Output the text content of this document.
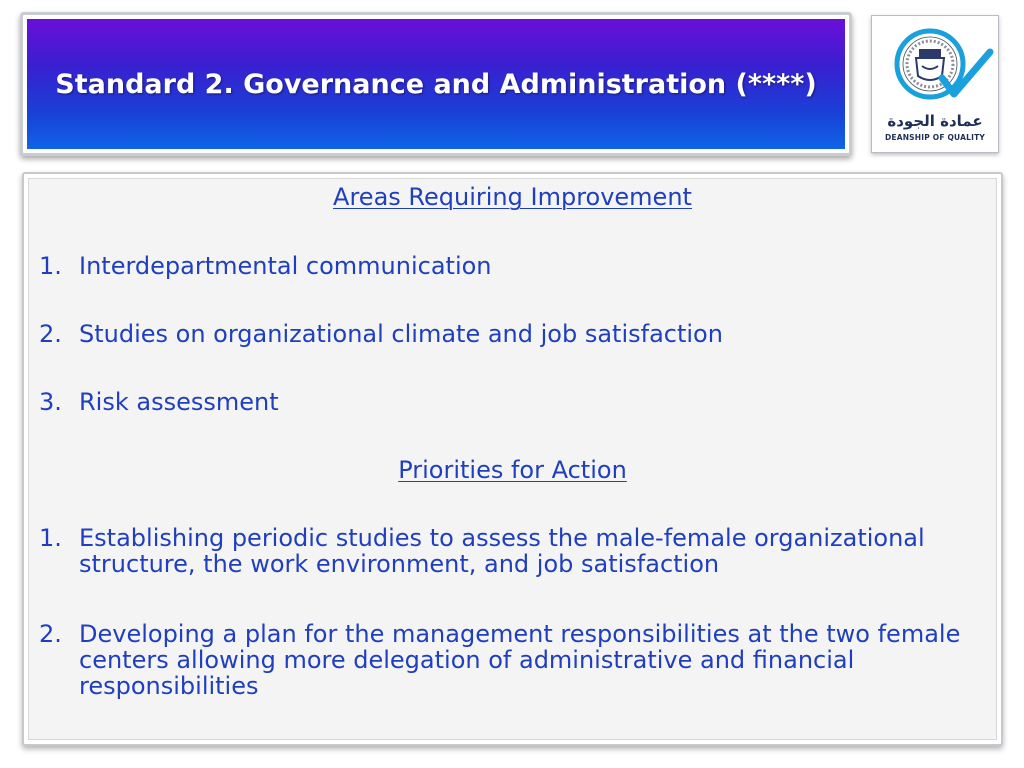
Standard 2. Governance and Administration (****)
عمادة الجودة
DEANSHIP OF QUALITY
Areas Requiring Improvement
1. Interdepartmental communication
2. Studies on organizational climate and job satisfaction
3. Risk assessment
Priorities for Action
1. Establishing periodic studies to assess the male-female organizational structure, the work environment, and job satisfaction
2. Developing a plan for the management responsibilities at the two female centers allowing more delegation of administrative and financial responsibilities
